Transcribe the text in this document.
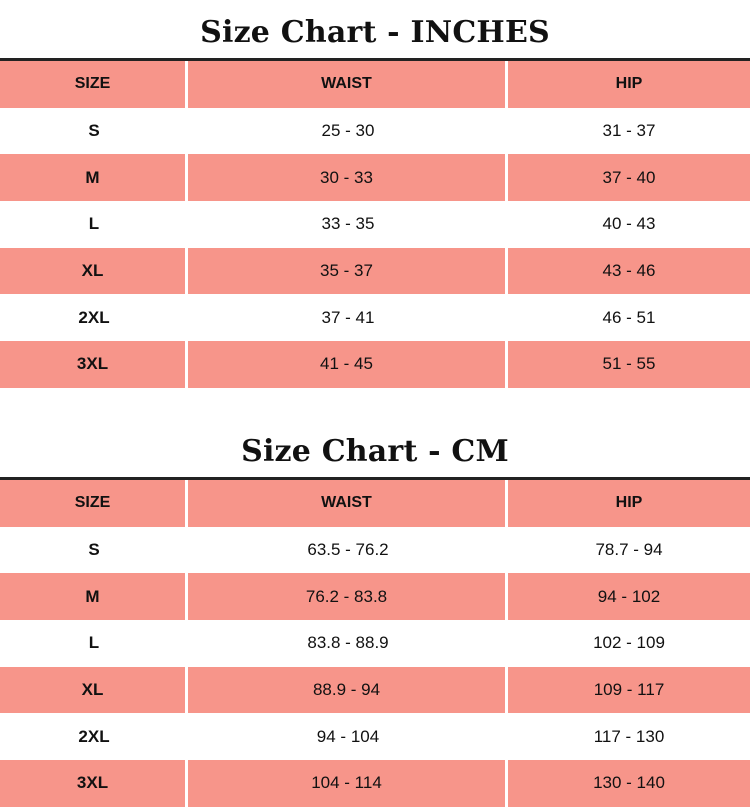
Size Chart - INCHES
SIZE	WAIST	HIP
S	25 - 30	31 - 37
M	30 - 33	37 - 40
L	33 - 35	40 - 43
XL	35 - 37	43 - 46
2XL	37 - 41	46 - 51
3XL	41 - 45	51 - 55
Size Chart - CM
SIZE	WAIST	HIP
S	63.5 - 76.2	78.7 - 94
M	76.2 - 83.8	94 - 102
L	83.8 - 88.9	102 - 109
XL	88.9 - 94	109 - 117
2XL	94 - 104	117 - 130
3XL	104 - 114	130 - 140
